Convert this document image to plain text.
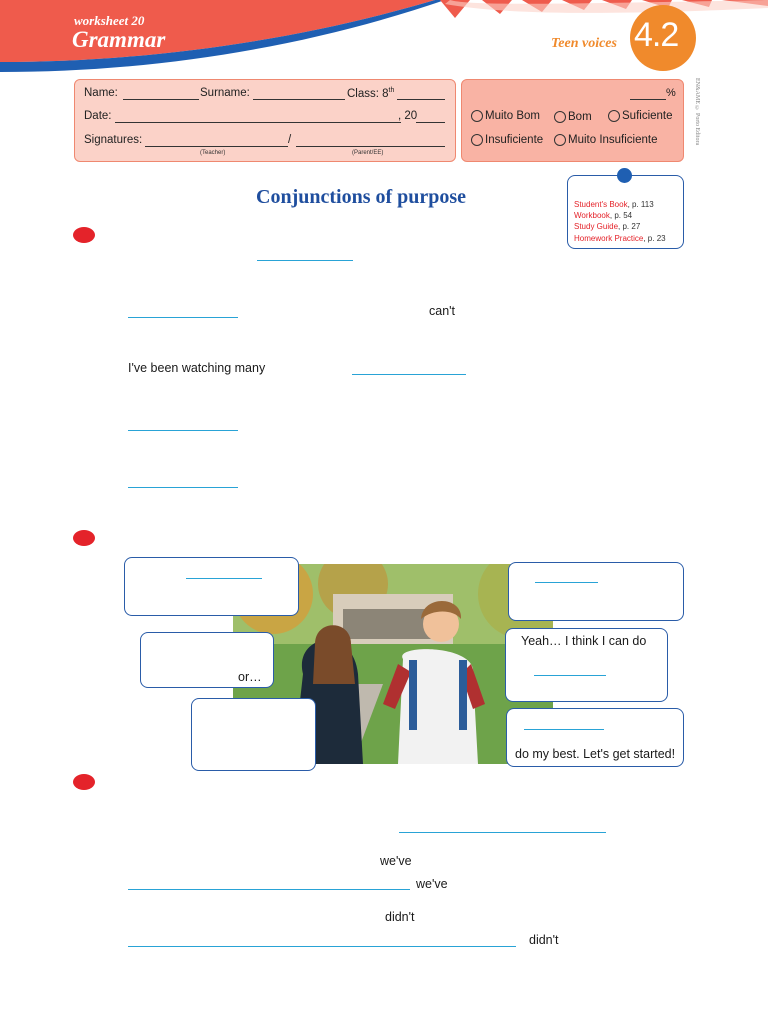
worksheet 20
Grammar	Teen voices 4.2
EN&AME © Porto Editora
Name:	Surname:	Class: 8th
Date:	, 20
Signatures:	/
(Teacher)	(Parent/EE)
%
Muito Bom Bom	Suficiente
Insuficiente Muito Insuficiente
Conjunctions of purpose	Student's Book, p. 113
Workbook, p. 54
Study Guide, p. 27
Homework Practice, p. 23
can't
I've been watching many
or…
Yeah… I think I can do
do my best. Let's get started!
we've
we've
didn't
didn't
